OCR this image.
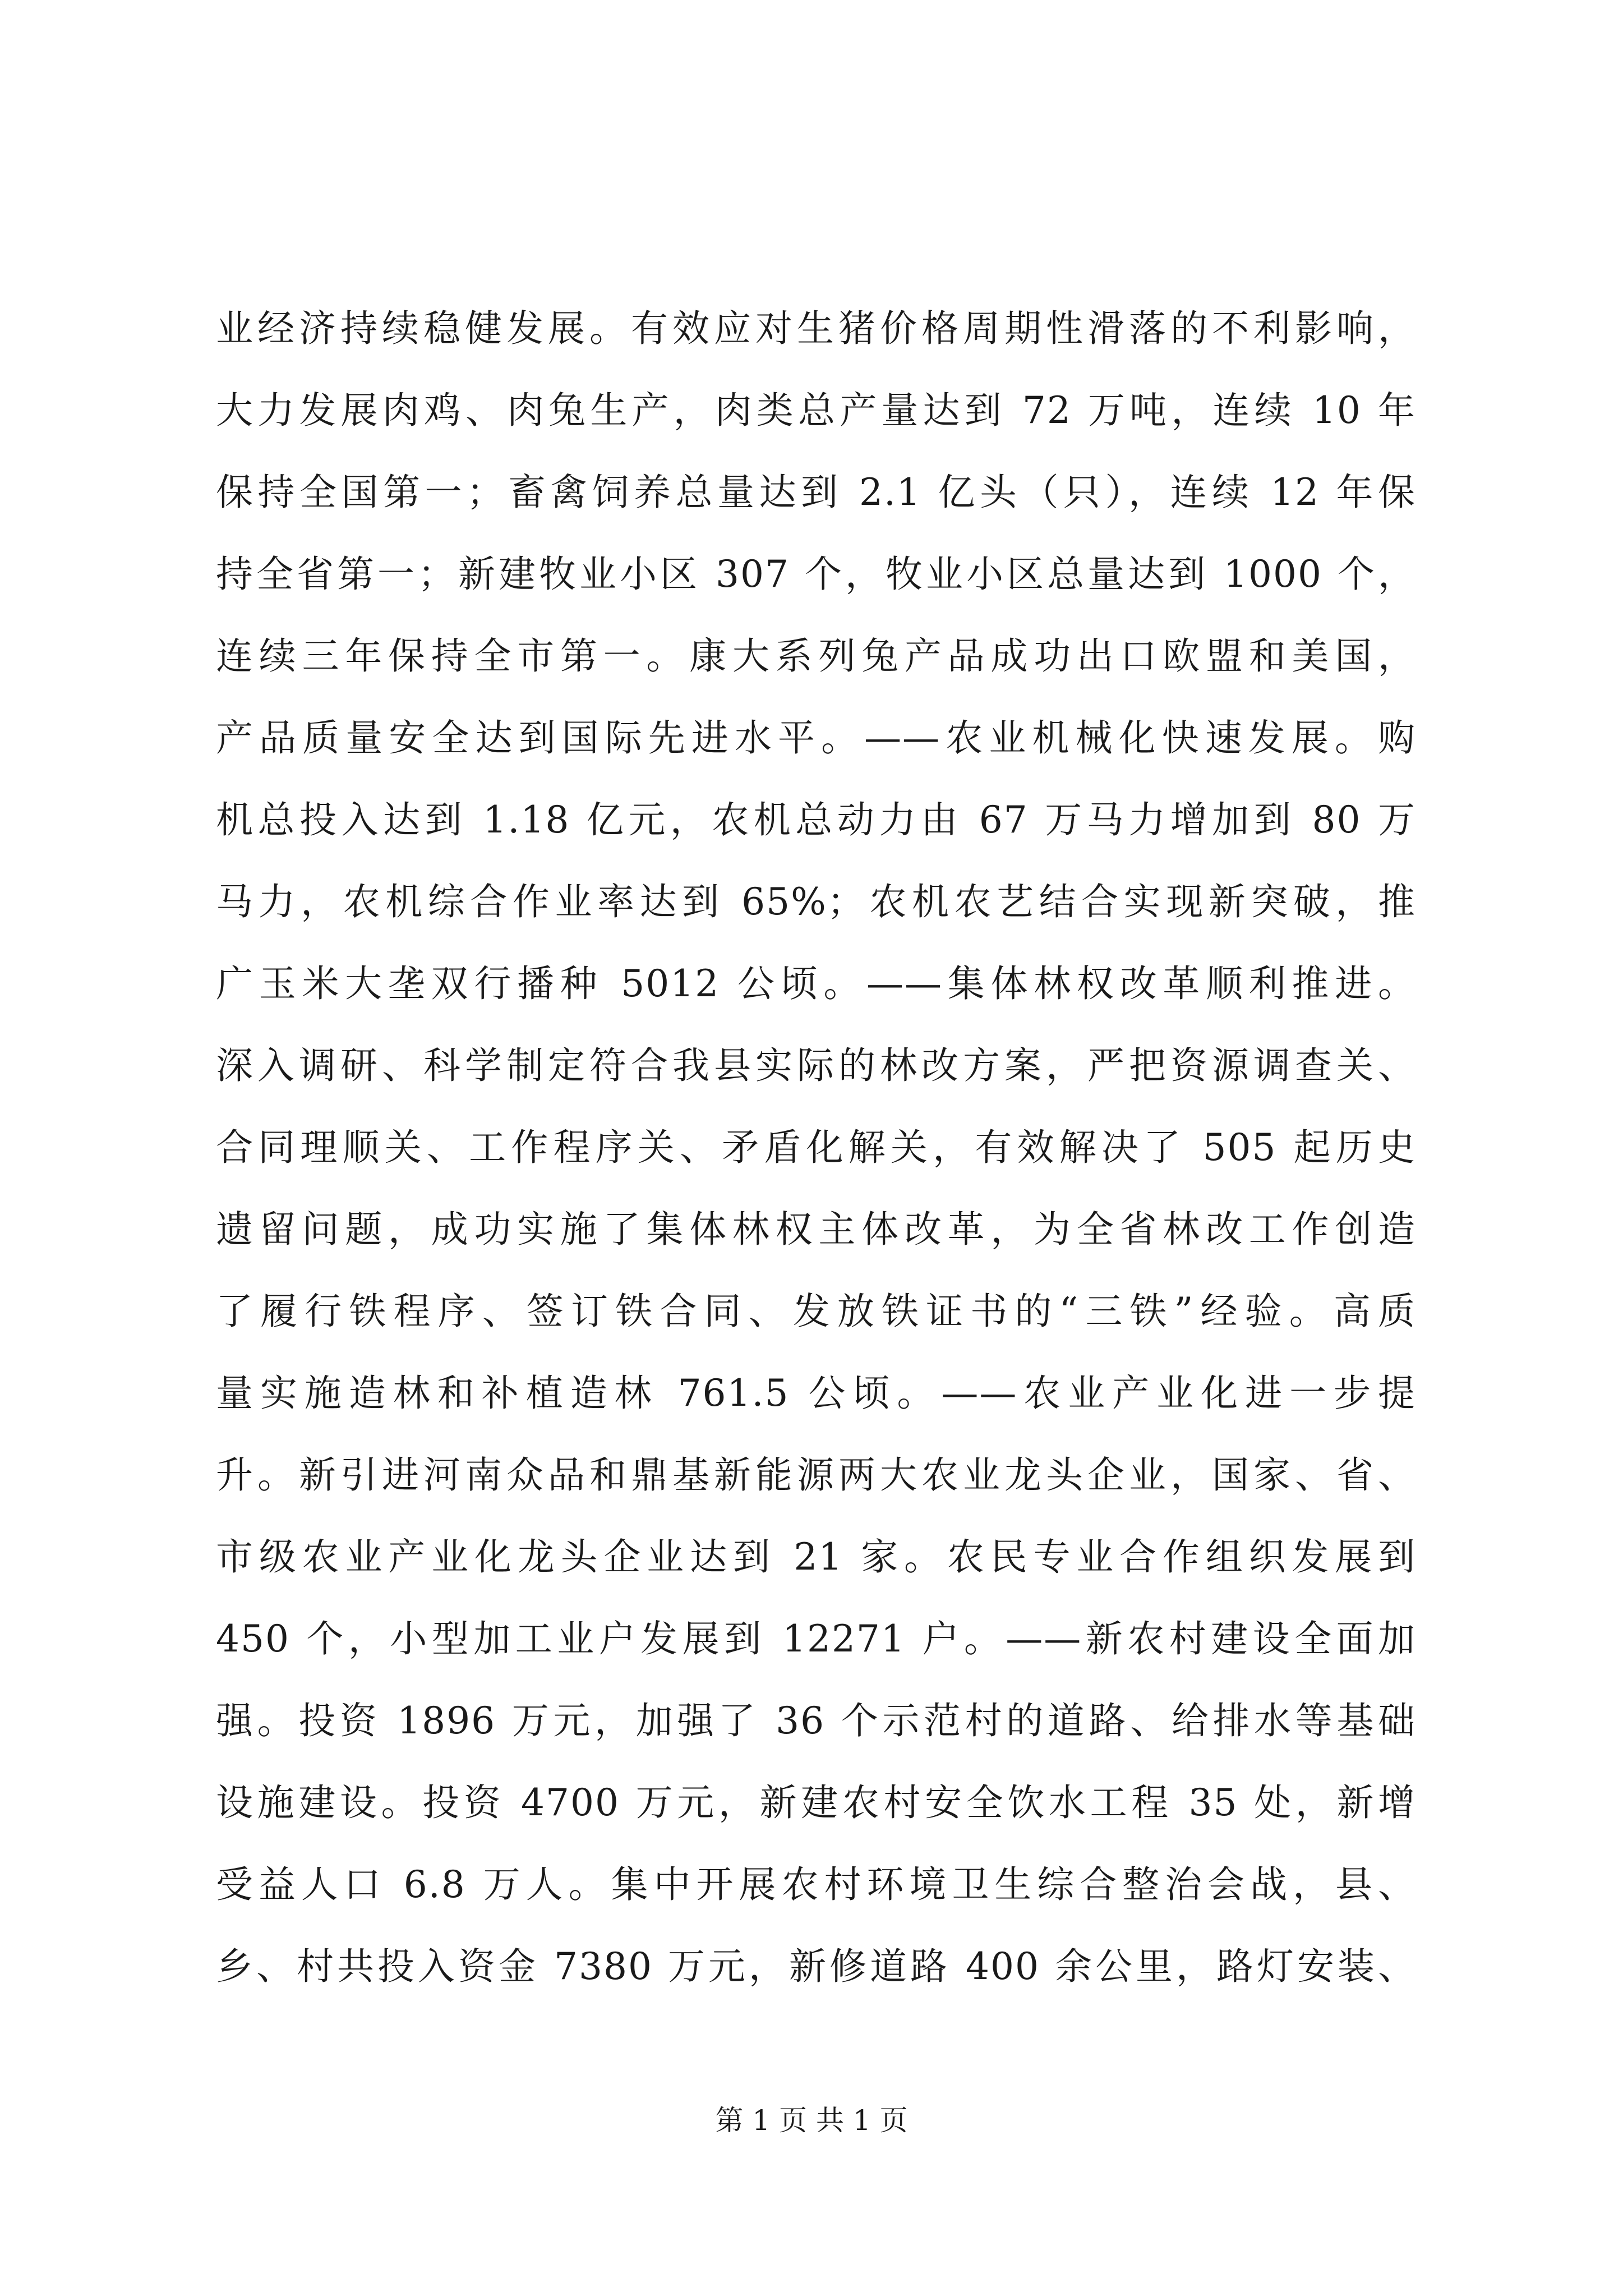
业经济持续稳健发展。有效应对生猪价格周期性滑落的不利影响，
大力发展肉鸡、肉兔生产，肉类总产量达到 72 万吨，连续 10 年
保持全国第一；畜禽饲养总量达到 2.1 亿头（只），连续 12 年保
持全省第一；新建牧业小区 307 个，牧业小区总量达到 1000 个，
连续三年保持全市第一。康大系列兔产品成功出口欧盟和美国，
产品质量安全达到国际先进水平。——农业机械化快速发展。购
机总投入达到 1.18 亿元，农机总动力由 67 万马力增加到 80 万
马力，农机综合作业率达到 65%；农机农艺结合实现新突破，推
广玉米大垄双行播种 5012 公顷。——集体林权改革顺利推进。
深入调研、科学制定符合我县实际的林改方案，严把资源调查关、
合同理顺关、工作程序关、矛盾化解关，有效解决了 505 起历史
遗留问题，成功实施了集体林权主体改革，为全省林改工作创造
了履行铁程序、签订铁合同、发放铁证书的“三铁”经验。高质
量实施造林和补植造林 761.5 公顷。——农业产业化进一步提
升。新引进河南众品和鼎基新能源两大农业龙头企业，国家、省、
市级农业产业化龙头企业达到 21 家。农民专业合作组织发展到
450 个，小型加工业户发展到 12271 户。——新农村建设全面加
强。投资 1896 万元，加强了 36 个示范村的道路、给排水等基础
设施建设。投资 4700 万元，新建农村安全饮水工程 35 处，新增
受益人口 6.8 万人。集中开展农村环境卫生综合整治会战，县、
乡、村共投入资金 7380 万元，新修道路 400 余公里，路灯安装、
第 1 页 共 1 页
